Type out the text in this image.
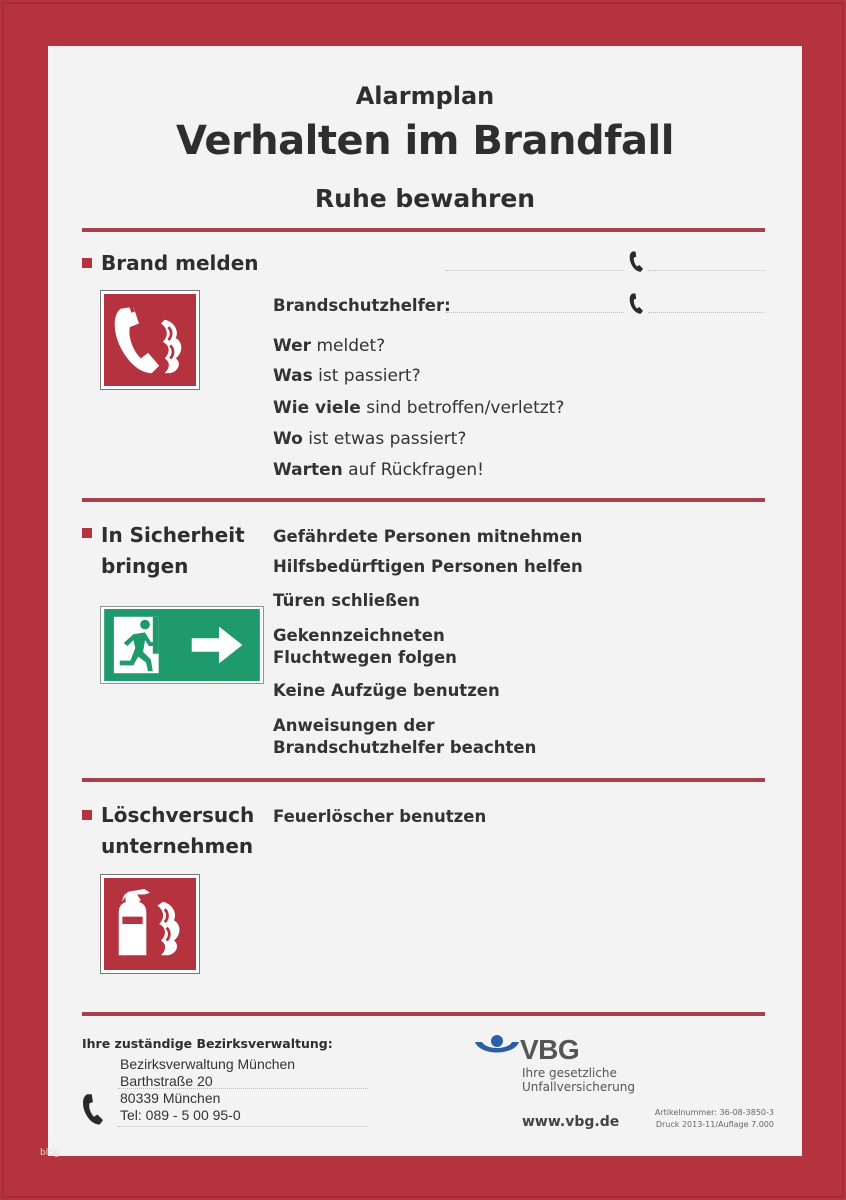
Alarmplan
Verhalten im Brandfall
Ruhe bewahren
Brand melden
Brandschutzhelfer:
Wer meldet?
Was ist passiert?
Wie viele sind betroffen/verletzt?
Wo ist etwas passiert?
Warten auf Rückfragen!
In Sicherheit
bringen
Gefährdete Personen mitnehmen
Hilfsbedürftigen Personen helfen
Türen schließen
Gekennzeichneten
Fluchtwegen folgen
Keine Aufzüge benutzen
Anweisungen der
Brandschutzhelfer beachten
Löschversuch
unternehmen
Feuerlöscher benutzen
Ihre zuständige Bezirksverwaltung:
Bezirksverwaltung München
Barthstraße 20
80339 München
Tel: 089 - 5 00 95-0
VBG
Ihre gesetzliche
Unfallversicherung
www.vbg.de
Artikelnummer: 36-08-3850-3
Druck 2013-11/Auflage 7.000
blog
